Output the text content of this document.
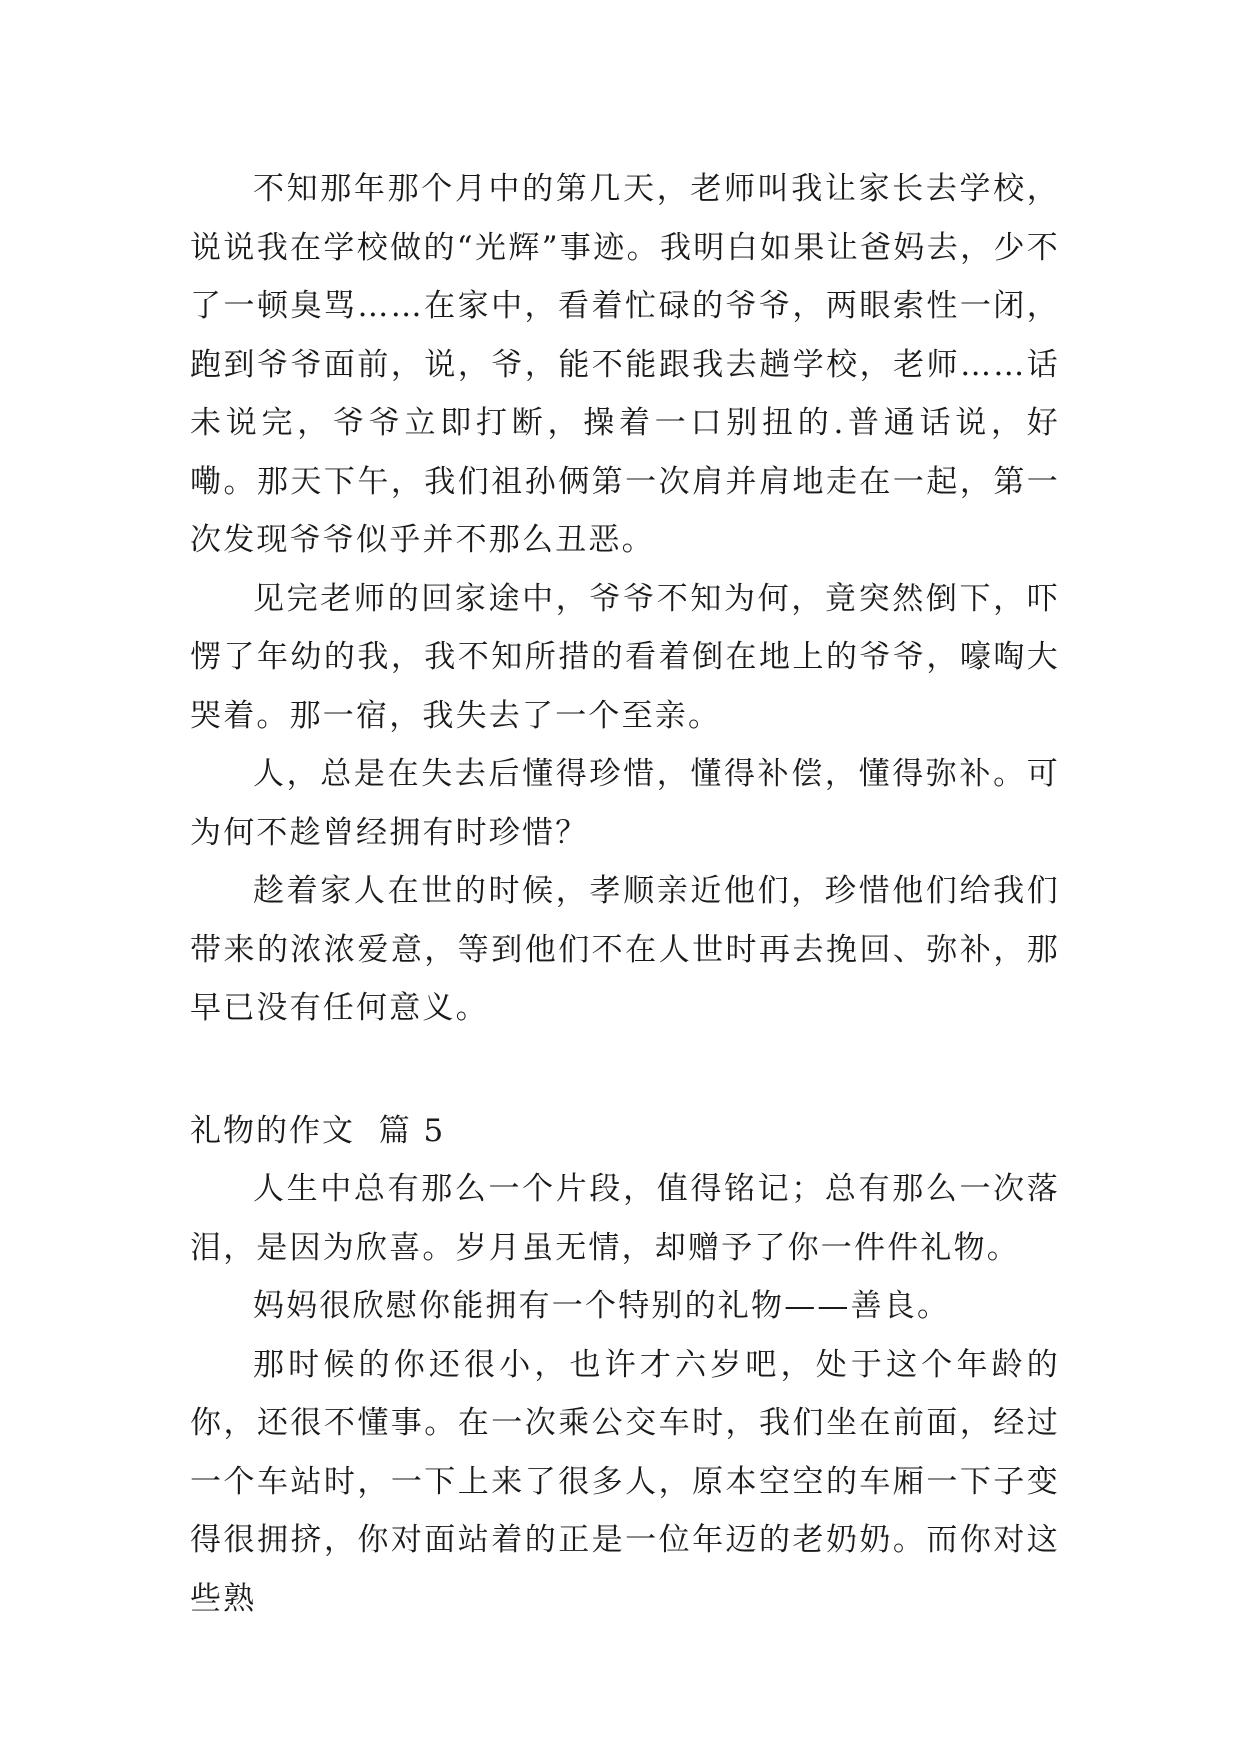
不知那年那个月中的第几天，老师叫我让家长去学校，说说我在学校做的“光辉”事迹。我明白如果让爸妈去，少不了一顿臭骂……在家中，看着忙碌的爷爷，两眼索性一闭，跑到爷爷面前，说，爷，能不能跟我去趟学校，老师……话未说完，爷爷立即打断，操着一口别扭的.普通话说，好嘞。那天下午，我们祖孙俩第一次肩并肩地走在一起，第一次发现爷爷似乎并不那么丑恶。

见完老师的回家途中，爷爷不知为何，竟突然倒下，吓愣了年幼的我，我不知所措的看着倒在地上的爷爷，嚎啕大哭着。那一宿，我失去了一个至亲。

人，总是在失去后懂得珍惜，懂得补偿，懂得弥补。可为何不趁曾经拥有时珍惜？

趁着家人在世的时候，孝顺亲近他们，珍惜他们给我们带来的浓浓爱意，等到他们不在人世时再去挽回、弥补，那早已没有任何意义。

礼物的作文  篇 5

人生中总有那么一个片段，值得铭记；总有那么一次落泪，是因为欣喜。岁月虽无情，却赠予了你一件件礼物。

妈妈很欣慰你能拥有一个特别的礼物——善良。

那时候的你还很小，也许才六岁吧，处于这个年龄的你，还很不懂事。在一次乘公交车时，我们坐在前面，经过一个车站时，一下上来了很多人，原本空空的车厢一下子变得很拥挤，你对面站着的正是一位年迈的老奶奶。而你对这些熟
